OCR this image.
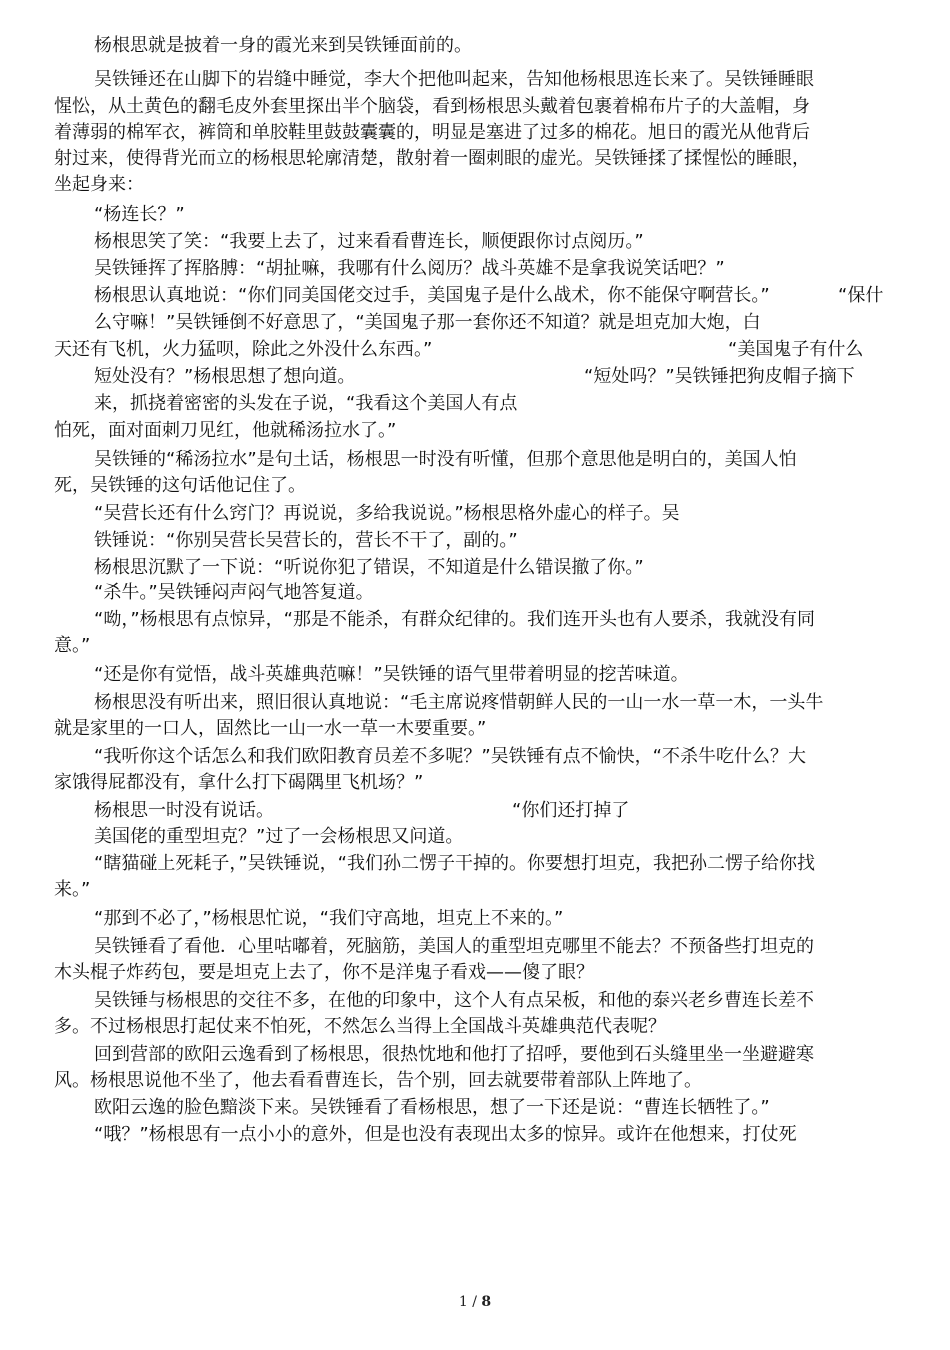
杨根思就是披着一身的霞光来到吴铁锤面前的。
吴铁锤还在山脚下的岩缝中睡觉，李大个把他叫起来，告知他杨根思连长来了。吴铁锤睡眼
惺忪，从土黄色的翻毛皮外套里探出半个脑袋，看到杨根思头戴着包裹着棉布片子的大盖帽，身
着薄弱的棉军衣，裤筒和单胶鞋里鼓鼓囊囊的，明显是塞进了过多的棉花。旭日的霞光从他背后
射过来，使得背光而立的杨根思轮廓清楚，散射着一圈刺眼的虚光。吴铁锤揉了揉惺忪的睡眼，
坐起身来：
“杨连长？”
杨根思笑了笑：“我要上去了，过来看看曹连长，顺便跟你讨点阅历。”
吴铁锤挥了挥胳膊：“胡扯嘛，我哪有什么阅历？战斗英雄不是拿我说笑话吧？”
杨根思认真地说：“你们同美国佬交过手，美国鬼子是什么战术，你不能保守啊营长。”	“保什
么守嘛！”吴铁锤倒不好意思了，“美国鬼子那一套你还不知道？就是坦克加大炮，白
天还有飞机，火力猛呗，除此之外没什么东西。”	“美国鬼子有什么
短处没有？”杨根思想了想向道。	“短处吗？”吴铁锤把狗皮帽子摘下
来，抓挠着密密的头发在子说，“我看这个美国人有点
怕死，面对面刺刀见红，他就稀汤拉水了。”
吴铁锤的“稀汤拉水”是句土话，杨根思一时没有听懂，但那个意思他是明白的，美国人怕
死，吴铁锤的这句话他记住了。
“吴营长还有什么窍门？再说说，多给我说说。”杨根思格外虚心的样子。吴
铁锤说：“你别吴营长吴营长的，营长不干了，副的。”
杨根思沉默了一下说：“听说你犯了错误，不知道是什么错误撤了你。”
“杀牛。”吴铁锤闷声闷气地答复道。
“呦，”杨根思有点惊异，“那是不能杀，有群众纪律的。我们连开头也有人要杀，我就没有同
意。”
“还是你有觉悟，战斗英雄典范嘛！”吴铁锤的语气里带着明显的挖苦味道。
杨根思没有听出来，照旧很认真地说：“毛主席说疼惜朝鲜人民的一山一水一草一木，一头牛
就是家里的一口人，固然比一山一水一草一木要重要。”
“我听你这个话怎么和我们欧阳教育员差不多呢？”吴铁锤有点不愉快，“不杀牛吃什么？大
家饿得屁都没有，拿什么打下碣隅里飞机场？”
杨根思一时没有说话。	“你们还打掉了
美国佬的重型坦克？”过了一会杨根思又问道。
“瞎猫碰上死耗子，”吴铁锤说，“我们孙二愣子干掉的。你要想打坦克，我把孙二愣子给你找
来。”
“那到不必了，”杨根思忙说，“我们守高地，坦克上不来的。”
吴铁锤看了看他．心里咕嘟着，死脑筋，美国人的重型坦克哪里不能去？不预备些打坦克的
木头棍子炸药包，要是坦克上去了，你不是洋鬼子看戏——傻了眼？
吴铁锤与杨根思的交往不多，在他的印象中，这个人有点呆板，和他的泰兴老乡曹连长差不
多。不过杨根思打起仗来不怕死，不然怎么当得上全国战斗英雄典范代表呢？
回到营部的欧阳云逸看到了杨根思，很热忱地和他打了招呼，要他到石头缝里坐一坐避避寒
风。杨根思说他不坐了，他去看看曹连长，告个别，回去就要带着部队上阵地了。
欧阳云逸的脸色黯淡下来。吴铁锤看了看杨根思，想了一下还是说：“曹连长牺牲了。”
“哦？”杨根思有一点小小的意外，但是也没有表现出太多的惊异。或许在他想来，打仗死
1 / 8
